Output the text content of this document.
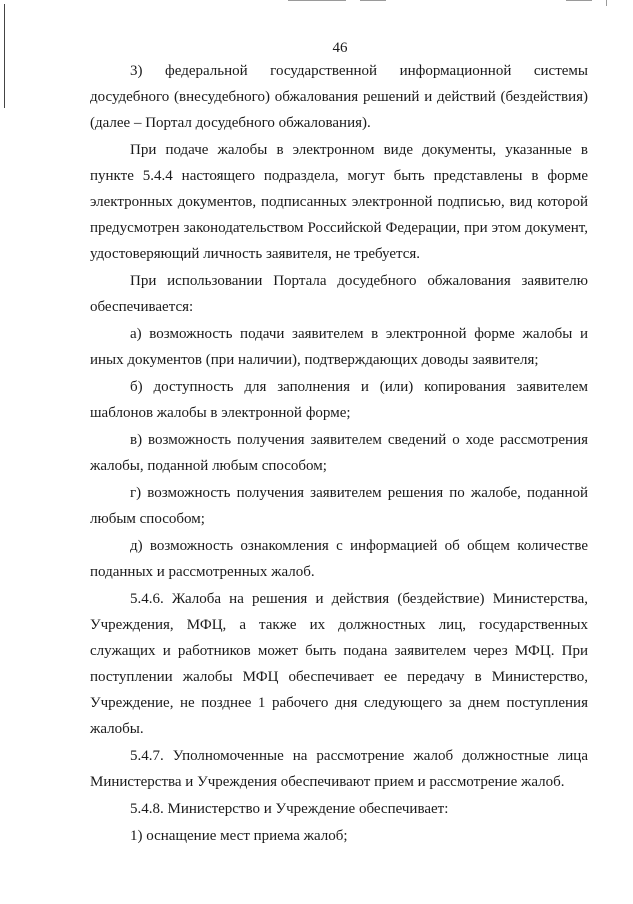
46

3) федеральной государственной информационной системы досудебного (внесудебного) обжалования решений и действий (бездействия) (далее – Портал досудебного обжалования).

При подаче жалобы в электронном виде документы, указанные в пункте 5.4.4 настоящего подраздела, могут быть представлены в форме электронных документов, подписанных электронной подписью, вид которой предусмотрен законодательством Российской Федерации, при этом документ, удостоверяющий личность заявителя, не требуется.

При использовании Портала досудебного обжалования заявителю обеспечивается:

а) возможность подачи заявителем в электронной форме жалобы и иных документов (при наличии), подтверждающих доводы заявителя;

б) доступность для заполнения и (или) копирования заявителем шаблонов жалобы в электронной форме;

в) возможность получения заявителем сведений о ходе рассмотрения жалобы, поданной любым способом;

г) возможность получения заявителем решения по жалобе, поданной любым способом;

д) возможность ознакомления с информацией об общем количестве поданных и рассмотренных жалоб.

5.4.6. Жалоба на решения и действия (бездействие) Министерства, Учреждения, МФЦ, а также их должностных лиц, государственных служащих и работников может быть подана заявителем через МФЦ. При поступлении жалобы МФЦ обеспечивает ее передачу в Министерство, Учреждение, не позднее 1 рабочего дня следующего за днем поступления жалобы.

5.4.7. Уполномоченные на рассмотрение жалоб должностные лица Министерства и Учреждения обеспечивают прием и рассмотрение жалоб.

5.4.8. Министерство и Учреждение обеспечивает:

1) оснащение мест приема жалоб;
